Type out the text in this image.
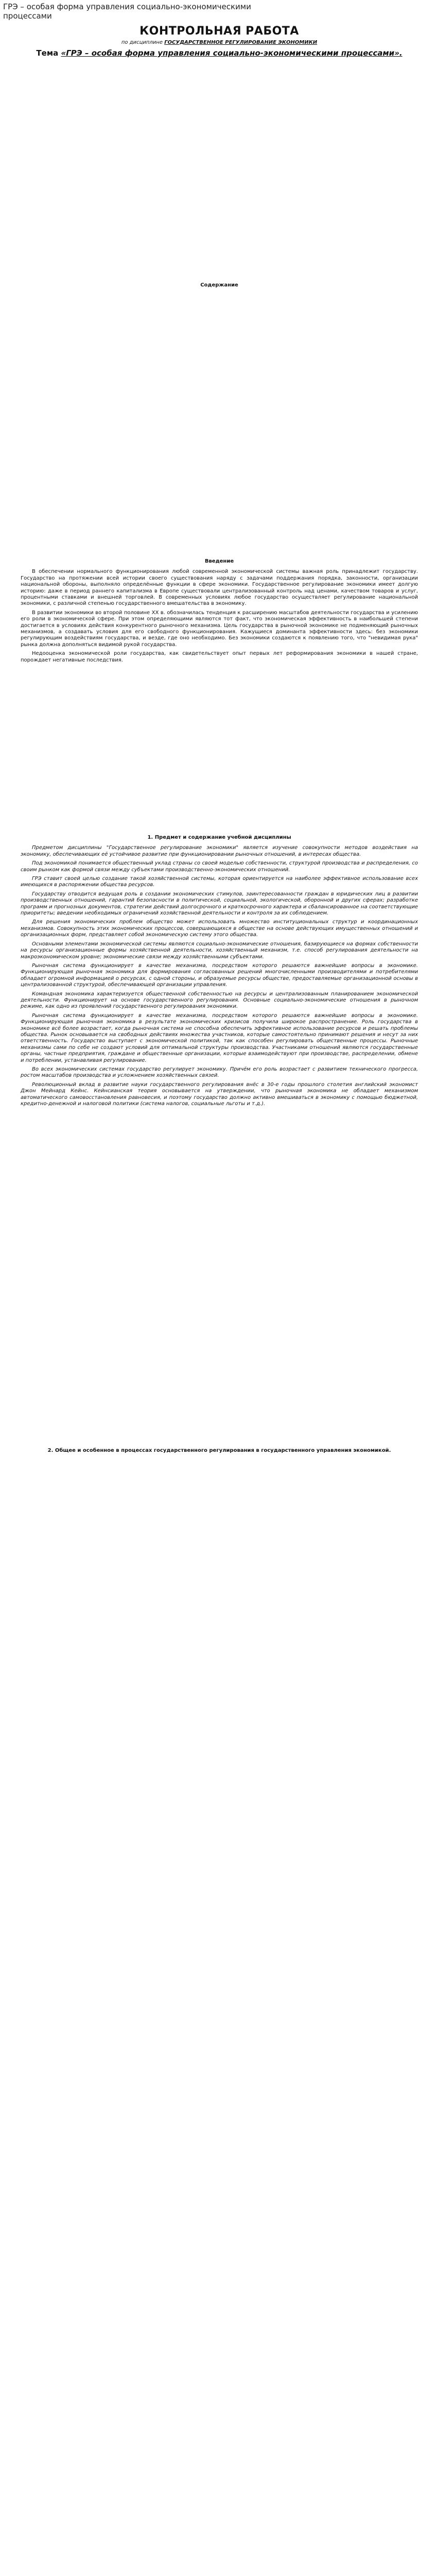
ГРЭ – особая форма управления социально-экономическими процессами
КОНТРОЛЬНАЯ РАБОТА
по дисциплине ГОСУДАРСТВЕННОЕ РЕГУЛИРОВАНИЕ ЭКОНОМИКИ
Тема «ГРЭ – особая форма управления социально-экономическими процессами».
Содержание
Введение

В обеспечении нормального функционирования любой современной экономической системы важная роль принадлежит государству. Государство на протяжении всей истории своего существования наряду с задачами поддержания порядка, законности, организации национальной обороны, выполняло определённые функции в сфере экономики. Государственное регулирование экономики имеет долгую историю: даже в период раннего капитализма в Европе существовали централизованный контроль над ценами, качеством товаров и услуг, процентными ставками и внешней торговлей. В современных условиях любое государство осуществляет регулирование национальной экономики, с различной степенью государственного вмешательства в экономику.

В развитии экономики во второй половине XX в. обозначилась тенденция к расширению масштабов деятельности государства и усилению его роли в экономической сфере. При этом определяющими являются тот факт, что экономическая эффективность в наибольшей степени достигается в условиях действия конкурентного рыночного механизма. Цель государства в рыночной экономике не подменяющий рыночных механизмов, а создавать условия для его свободного функционирования. Кажущиеся доминанта эффективности здесь: без экономики регулирующим воздействиям государства, и везде, где оно необходимо. Без экономики создаются к появлению того, что "невидимая рука" рынка должна дополняться видимой рукой государства.

Недооценка экономической роли государства, как свидетельствует опыт первых лет реформирования экономики в нашей стране, порождает негативные последствия.

1. Предмет и содержание учебной дисциплины

Предметом дисциплины "Государственное регулирование экономики" является изучение совокупности методов воздействия на экономику, обеспечивающих её устойчивое развитие при функционировании рыночных отношений, в интересах общества.

Под экономикой понимается общественный уклад страны со своей моделью собственности, структурой производства и распределения, со своим рынком как формой связи между субъектами производственно-экономических отношений.

ГРЭ ставит своей целью создание такой хозяйственной системы, которая ориентируется на наиболее эффективное использование всех имеющихся в распоряжении общества ресурсов.

Государству отводится ведущая роль в создании экономических стимулов, заинтересованности граждан в юридических лиц в развитии производственных отношений, гарантий безопасности в политической, социальной, экологической, оборонной и других сферах; разработке программ и прогнозных документов, стратегии действий долгосрочного и краткосрочного характера и сбалансированное на соответствующие приоритеты; введении необходимых ограничений хозяйственной деятельности и контроля за их соблюдением.

Для решения экономических проблем общество может использовать множество институциональных структур и координационных механизмов. Совокупность этих экономических процессов, совершающихся в обществе на основе действующих имущественных отношений и организационных форм, представляет собой экономическую систему этого общества.

Основными элементами экономической системы являются социально-экономические отношения, базирующиеся на формах собственности на ресурсы организационные формы хозяйственной деятельности, хозяйственный механизм, т.е. способ регулирования деятельности на макроэкономическом уровне; экономические связи между хозяйственными субъектами.

Рыночная система функционирует в качестве механизма, посредством которого решаются важнейшие вопросы в экономике. Функционирующая рыночная экономика для формирования согласованных решений многочисленными производителями и потребителями обладает огромной информацией о ресурсах, с одной стороны, и образуемые ресурсы обществе, предоставляемые организационной основы в централизованной структурой, обеспечивающей организации управления.

Командная экономика характеризуется общественной собственностью на ресурсы и централизованным планированием экономической деятельности. Функционирует на основе государственного регулирования. Основные социально-экономические отношения в рыночном режиме, как одно из проявлений государственного регулирования экономики.

Рыночная система функционирует в качестве механизма, посредством которого решаются важнейшие вопросы в экономике. Функционирующая рыночная экономика в результате экономических кризисов получила широкое распространение. Роль государства в экономике всё более возрастает, когда рыночная система не способна обеспечить эффективное использование ресурсов и решать проблемы общества. Рынок основывается на свободных действиях множества участников, которые самостоятельно принимают решения и несут за них ответственность. Государство выступает с экономической политикой, так как способен регулировать общественные процессы. Рыночные механизмы сами по себе не создают условий для оптимальной структуры производства. Участниками отношений являются государственные органы, частные предприятия, граждане и общественные организации, которые взаимодействуют при производстве, распределении, обмене и потреблении, устанавливая регулирование.

Во всех экономических системах государство регулирует экономику. Причём его роль возрастает с развитием технического прогресса, ростом масштабов производства и усложнением хозяйственных связей.

Революционный вклад в развитие науки государственного регулирования внёс в 30-е годы прошлого столетия английский экономист Джон Мейнард Кейнс. Кейнсианская теория основывается на утверждении, что рыночная экономика не обладает механизмом автоматического самовосстановления равновесия, и поэтому государство должно активно вмешиваться в экономику с помощью бюджетной, кредитно-денежной и налоговой политики (система налогов, социальные льготы и т.д.).

2. Общее и особенное в процессах государственного регулирования в государственного управления экономикой.
